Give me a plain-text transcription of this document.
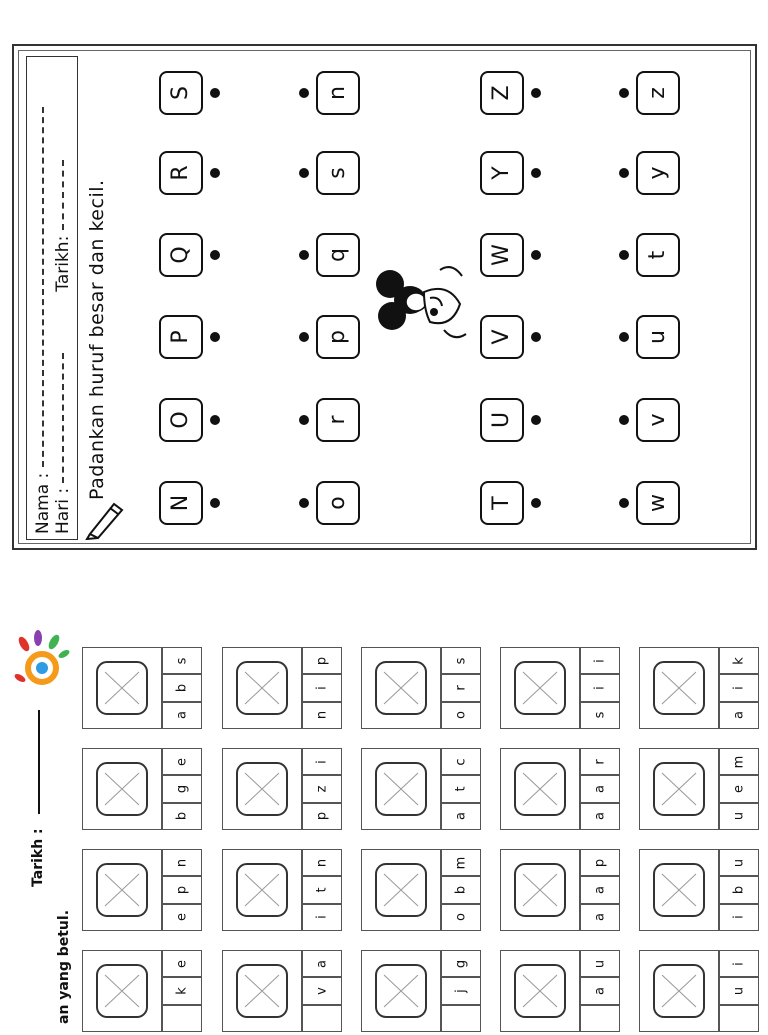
Nama : Hari :   Tarikh: Padankan huruf besar dan kecil.
N
O
P
Q
R
S
o
r
p
q
s
n
T
U
V
W
Y
Z
w
v
u
t
y
z
Tarikh :
an yang betul.
a
b
s
b
g
e
e
p
n
k
e
n
i
p
p
z
i
i
t
n
v
a
o
r
s
a
t
c
o
b
m
j
g
s
i
i
a
a
r
a
a
p
a
u
a
i
k
u
e
m
i
b
u
u
i
